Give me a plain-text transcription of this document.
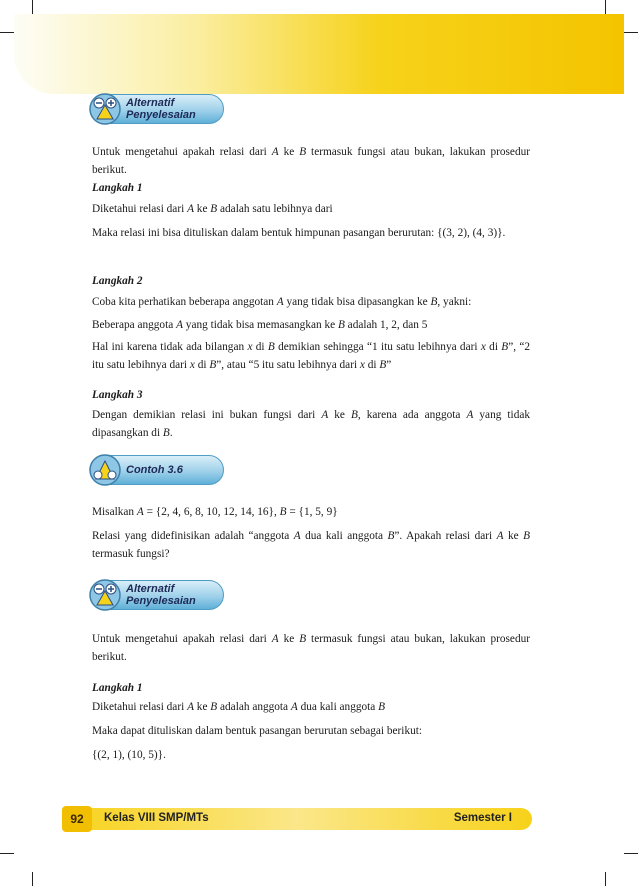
Alternatif
Penyelesaian
Untuk mengetahui apakah relasi dari A ke B termasuk fungsi atau bukan, lakukan prosedur berikut.
Langkah 1
Diketahui relasi dari A ke B adalah satu lebihnya dari
Maka relasi ini bisa dituliskan dalam bentuk himpunan pasangan berurutan: {(3, 2), (4, 3)}.
Langkah 2
Coba kita perhatikan beberapa anggotan A yang tidak bisa dipasangkan ke B, yakni:
Beberapa anggota A yang tidak bisa memasangkan ke B adalah 1, 2, dan 5
Hal ini karena tidak ada bilangan x di B demikian sehingga “1 itu satu lebihnya dari x di B”, “2 itu satu lebihnya dari x di B”, atau “5 itu satu lebihnya dari x di B”
Langkah 3
Dengan demikian relasi ini bukan fungsi dari A ke B, karena ada anggota A yang tidak dipasangkan di B.
Contoh 3.6
Misalkan A = {2, 4, 6, 8, 10, 12, 14, 16}, B = {1, 5, 9}
Relasi yang didefinisikan adalah “anggota A dua kali anggota B”. Apakah relasi dari A ke B termasuk fungsi?
Alternatif
Penyelesaian
Untuk mengetahui apakah relasi dari A ke B termasuk fungsi atau bukan, lakukan prosedur berikut.
Langkah 1
Diketahui relasi dari A ke B adalah anggota A dua kali anggota B
Maka dapat dituliskan dalam bentuk pasangan berurutan sebagai berikut:
{(2, 1), (10, 5)}.
92	Kelas VIII SMP/MTs	Semester I
